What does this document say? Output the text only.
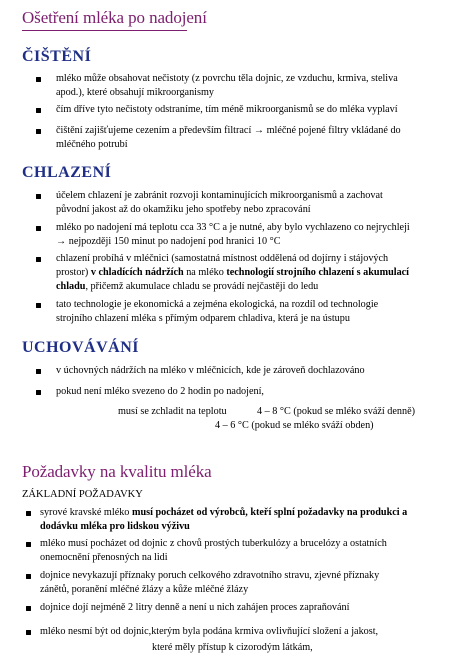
Ošetření mléka po nadojení
ČIŠTĚNÍ
mléko může obsahovat nečistoty (z povrchu těla dojnic, ze vzduchu, krmiva, steliva
apod.), které obsahují mikroorganismy
čím dříve tyto nečistoty odstraníme, tím méně mikroorganismů se do mléka vyplaví
čištění zajišťujeme cezením a především filtrací → mléčné pojené filtry vkládané do
mléčného potrubí
CHLAZENÍ
účelem chlazení je zabránit rozvoji kontaminujících mikroorganismů a zachovat
původní jakost až do okamžiku jeho spotřeby nebo zpracování
mléko po nadojení má teplotu cca 33 °C a je nutné, aby bylo vychlazeno co nejrychleji
→ nejpozději 150 minut po nadojení pod hranici 10 °C
chlazení probíhá v mléčnici (samostatná místnost oddělená od dojírny i stájových
prostor) v chladících nádržích na mléko technologií strojního chlazení s akumulací
chladu, přičemž akumulace chladu se provádí nejčastěji do ledu
tato technologie je ekonomická a zejména ekologická, na rozdíl od technologie
strojního chlazení mléka s přímým odparem chladiva, která je na ústupu
UCHOVÁVÁNÍ
v úchovných nádržích na mléko v mléčnicích, kde je zároveň dochlazováno
pokud není mléko svezeno do 2 hodin po nadojení,
musí se zchladit na teplotu	4 – 8 °C (pokud se mléko sváží denně)
4 – 6 °C (pokud se mléko sváží obden)
Požadavky na kvalitu mléka
ZÁKLADNÍ POŽADAVKY
syrové kravské mléko musí pocházet od výrobců, kteří splní požadavky na produkci a
dodávku mléka pro lidskou výživu
mléko musí pocházet od dojnic z chovů prostých tuberkulózy a brucelózy a ostatních
onemocnění přenosných na lidi
dojnice nevykazují příznaky poruch celkového zdravotního stravu, zjevné příznaky
zánětů, poranění mléčné žlázy a kůže mléčné žlázy
dojnice dojí nejméně 2 litry denně a není u nich zahájen proces zapraňování
mléko nesmí být od dojnic,kterým byla podána krmiva ovlivňující složení a jakost,
které měly přístup k cizorodým látkám,
